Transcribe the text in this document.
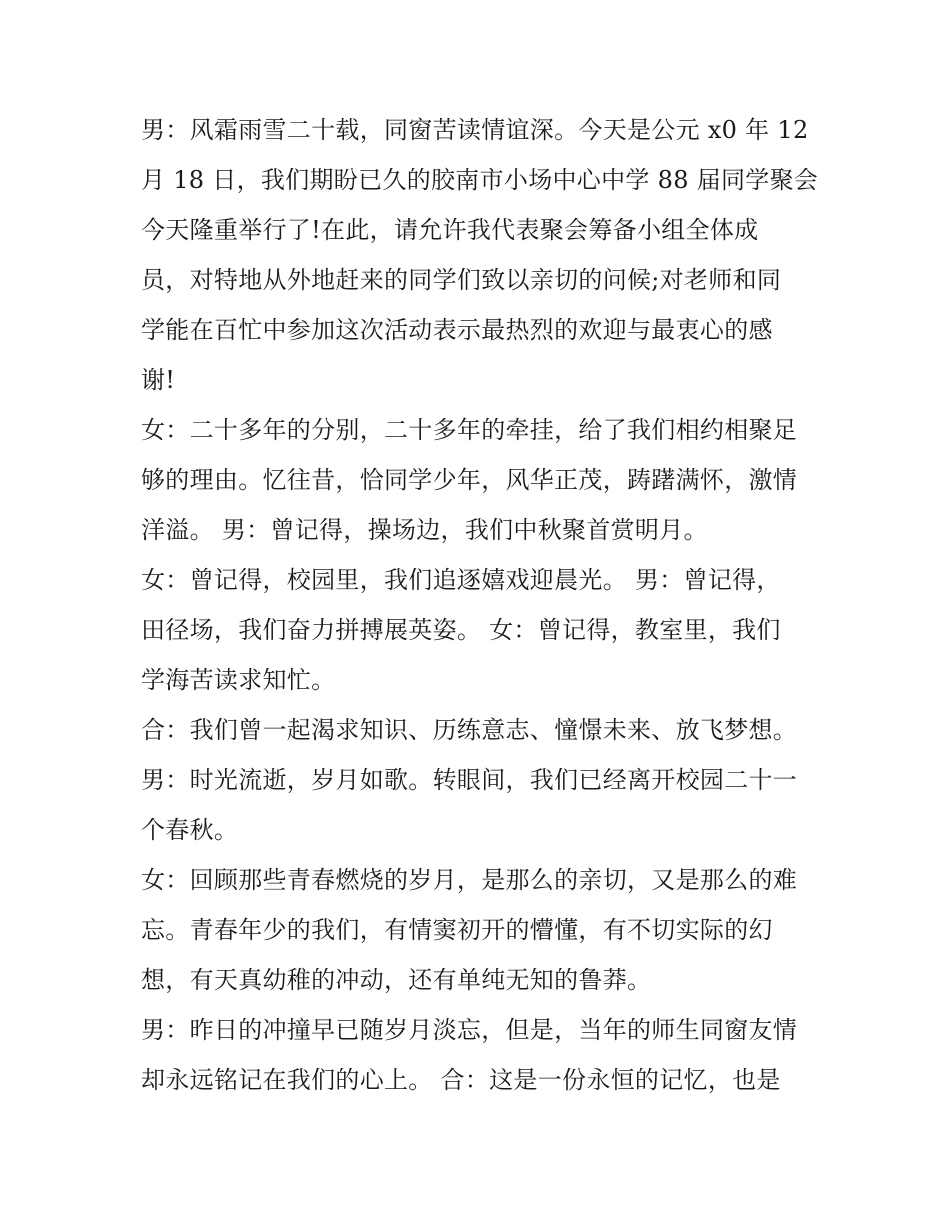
男：风霜雨雪二十载，同窗苦读情谊深。今天是公元 x0 年 12
月 18 日，我们期盼已久的胶南市小场中心中学 88 届同学聚会
今天隆重举行了!在此，请允许我代表聚会筹备小组全体成
员，对特地从外地赶来的同学们致以亲切的问候;对老师和同
学能在百忙中参加这次活动表示最热烈的欢迎与最衷心的感
谢!
女：二十多年的分别，二十多年的牵挂，给了我们相约相聚足
够的理由。忆往昔，恰同学少年，风华正茂，踌躇满怀，激情
洋溢。 男：曾记得，操场边，我们中秋聚首赏明月。
女：曾记得，校园里，我们追逐嬉戏迎晨光。 男：曾记得，
田径场，我们奋力拼搏展英姿。 女：曾记得，教室里，我们
学海苦读求知忙。
合：我们曾一起渴求知识、历练意志、憧憬未来、放飞梦想。
男：时光流逝，岁月如歌。转眼间，我们已经离开校园二十一
个春秋。
女：回顾那些青春燃烧的岁月，是那么的亲切，又是那么的难
忘。青春年少的我们，有情窦初开的懵懂，有不切实际的幻
想，有天真幼稚的冲动，还有单纯无知的鲁莽。
男：昨日的冲撞早已随岁月淡忘，但是，当年的师生同窗友情
却永远铭记在我们的心上。 合：这是一份永恒的记忆，也是
